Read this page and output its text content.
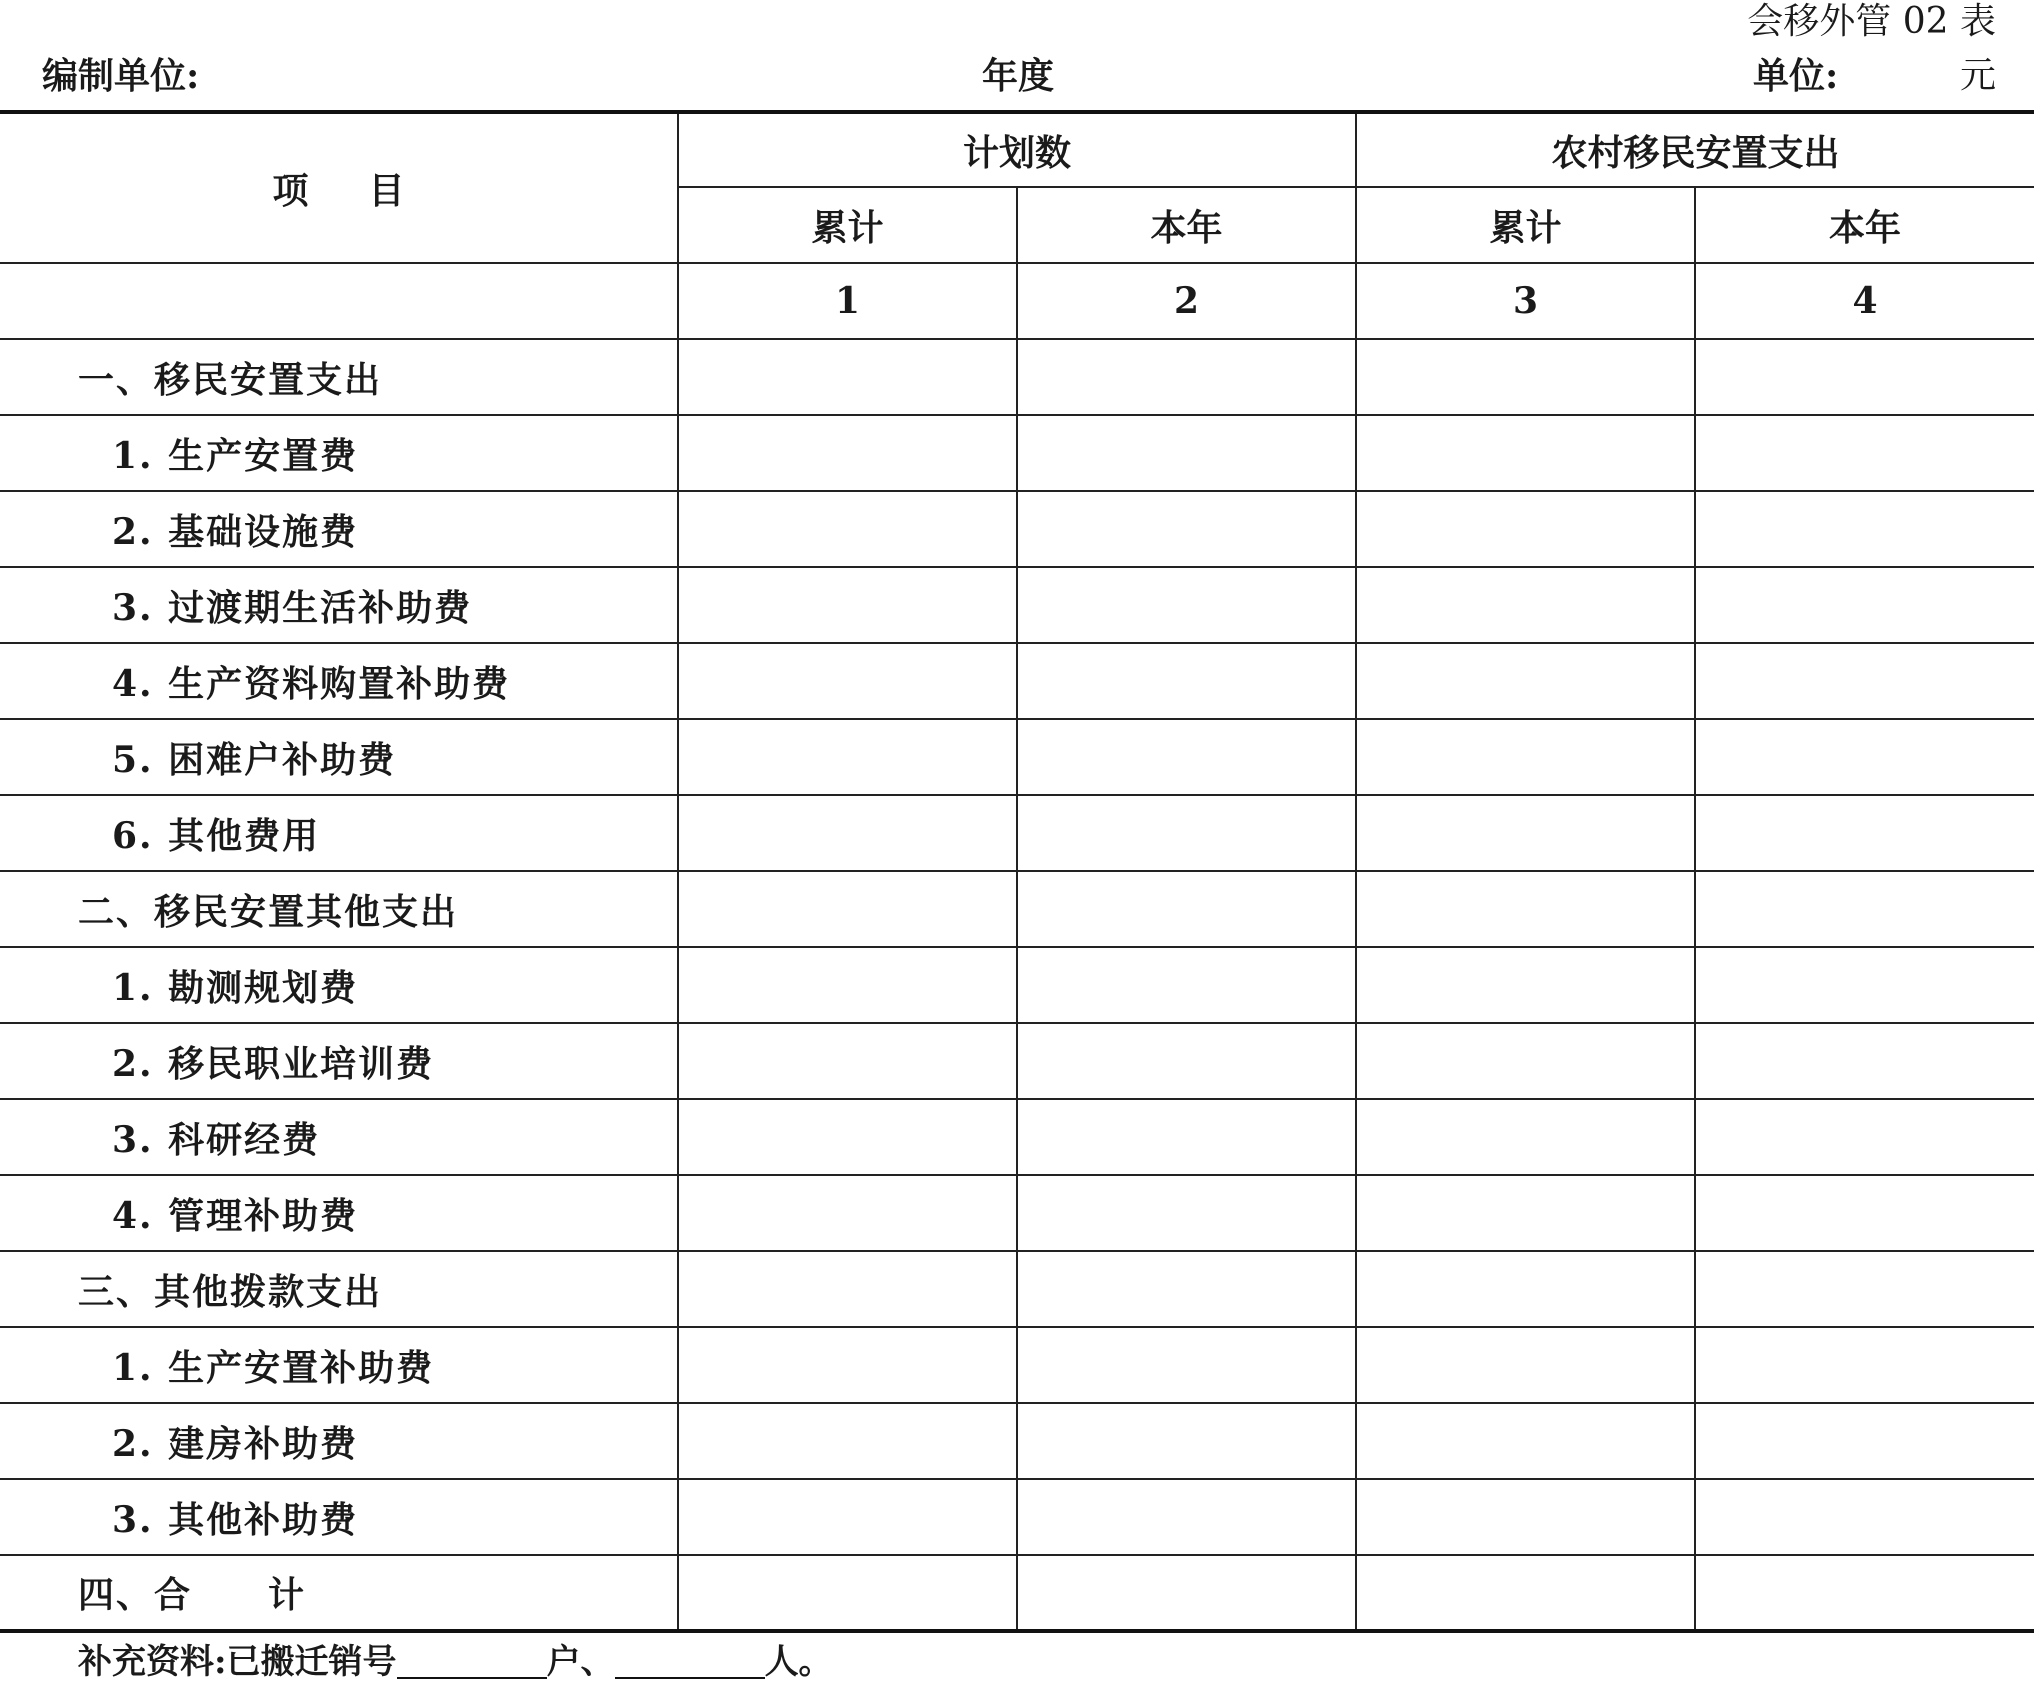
会移外管 02 表
编制单位:	年度	单位:	元
项目	计划数		农村移民安置支出	
	累计	本年	累计	本年
	1	2	3	4
一、移民安置支出				
1. 生产安置费				
2. 基础设施费				
3. 过渡期生活补助费				
4. 生产资料购置补助费				
5. 困难户补助费				
6. 其他费用				
二、移民安置其他支出				
1. 勘测规划费				
2. 移民职业培训费				
3. 科研经费				
4. 管理补助费				
三、其他拨款支出				
1. 生产安置补助费				
2. 建房补助费				
3. 其他补助费				
四、合　　计				
补充资料:已搬迁销号	户、	人。
